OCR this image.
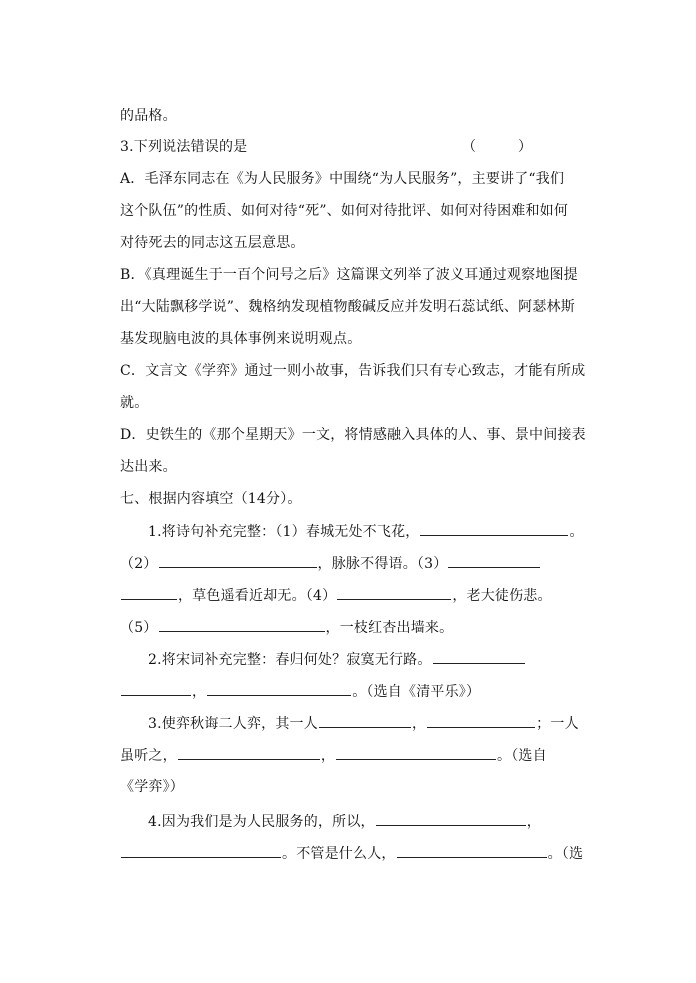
的品格。
3.下列说法错误的是	（　　　）
A．毛泽东同志在《为人民服务》中围绕“为人民服务”，主要讲了“我们
这个队伍”的性质、如何对待“死”、如何对待批评、如何对待困难和如何
对待死去的同志这五层意思。
B．《真理诞生于一百个问号之后》这篇课文列举了波义耳通过观察地图提
出“大陆飘移学说”、魏格纳发现植物酸碱反应并发明石蕊试纸、阿瑟林斯
基发现脑电波的具体事例来说明观点。
C．文言文《学弈》通过一则小故事，告诉我们只有专心致志，才能有所成
就。
D．史铁生的《那个星期天》一文，将情感融入具体的人、事、景中间接表
达出来。
七、根据内容填空（14分）。
1.将诗句补充完整：（1）春城无处不飞花，	。
（2）	，脉脉不得语。（3）
，草色遥看近却无。（4）	，老大徒伤悲。
（5）	，一枝红杏出墙来。
2.将宋词补充完整：春归何处？寂寞无行路。
，	。（选自《清平乐》）
3.使弈秋诲二人弈，其一人	，	；一人
虽听之，	，	。（选自
《学弈》）
4.因为我们是为人民服务的，所以，	，
。不管是什么人，	。（选
